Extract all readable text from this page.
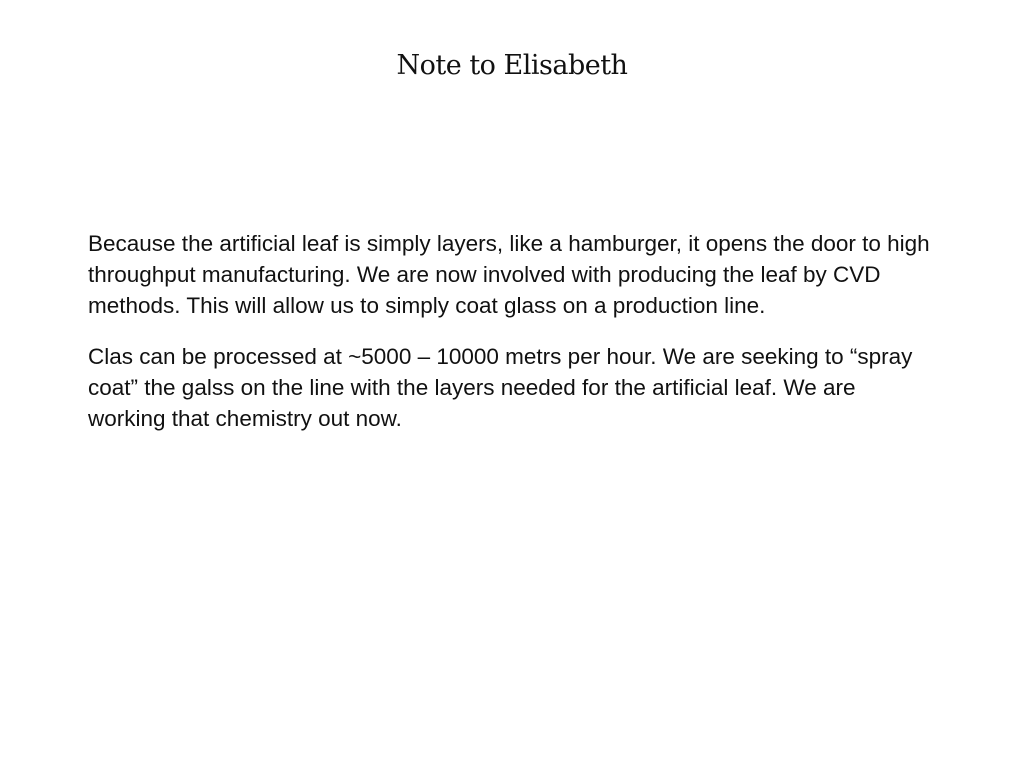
Note to Elisabeth

Because the artificial leaf is simply layers, like a hamburger, it opens the door to high throughput manufacturing. We are now involved with producing the leaf by CVD methods. This will allow us to simply coat glass on a production line.

Clas can be processed at ~5000 – 10000 metrs per hour. We are seeking to “spray coat” the galss on the line with the layers needed for the artificial leaf. We are working that chemistry out now.
